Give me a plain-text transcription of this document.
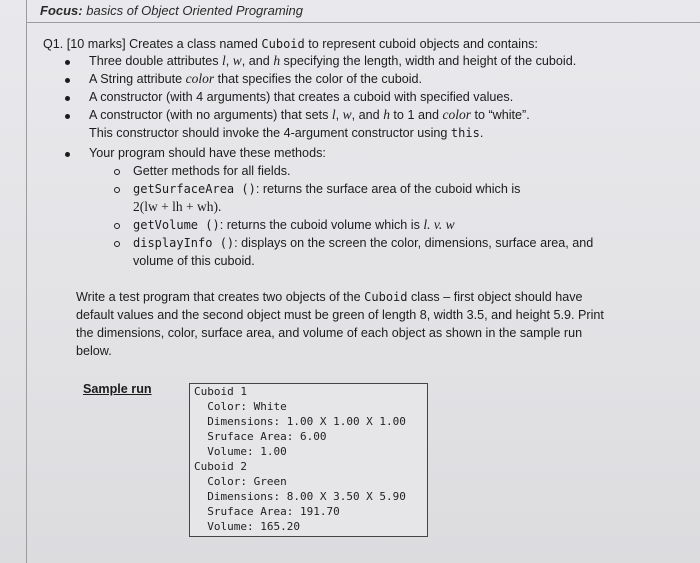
Focus: basics of Object Oriented Programing
Q1. [10 marks] Creates a class named Cuboid to represent cuboid objects and contains:
Three double attributes l, w, and h specifying the length, width and height of the cuboid.
A String attribute color that specifies the color of the cuboid.
A constructor (with 4 arguments) that creates a cuboid with specified values.
A constructor (with no arguments) that sets l, w, and h to 1 and color to “white”.
This constructor should invoke the 4-argument constructor using this.
Your program should have these methods:
Getter methods for all fields.
getSurfaceArea (): returns the surface area of the cuboid which is
2(lw + lh + wh).
getVolume (): returns the cuboid volume which is l. v. w
displayInfo (): displays on the screen the color, dimensions, surface area, and
volume of this cuboid.
Write a test program that creates two objects of the Cuboid class – first object should have
default values and the second object must be green of length 8, width 3.5, and height 5.9. Print
the dimensions, color, surface area, and volume of each object as shown in the sample run
below.
Sample run	Cuboid 1
Color: White
Dimensions: 1.00 X 1.00 X 1.00
Sruface Area: 6.00
Volume: 1.00
Cuboid 2
Color: Green
Dimensions: 8.00 X 3.50 X 5.90
Sruface Area: 191.70
Volume: 165.20
